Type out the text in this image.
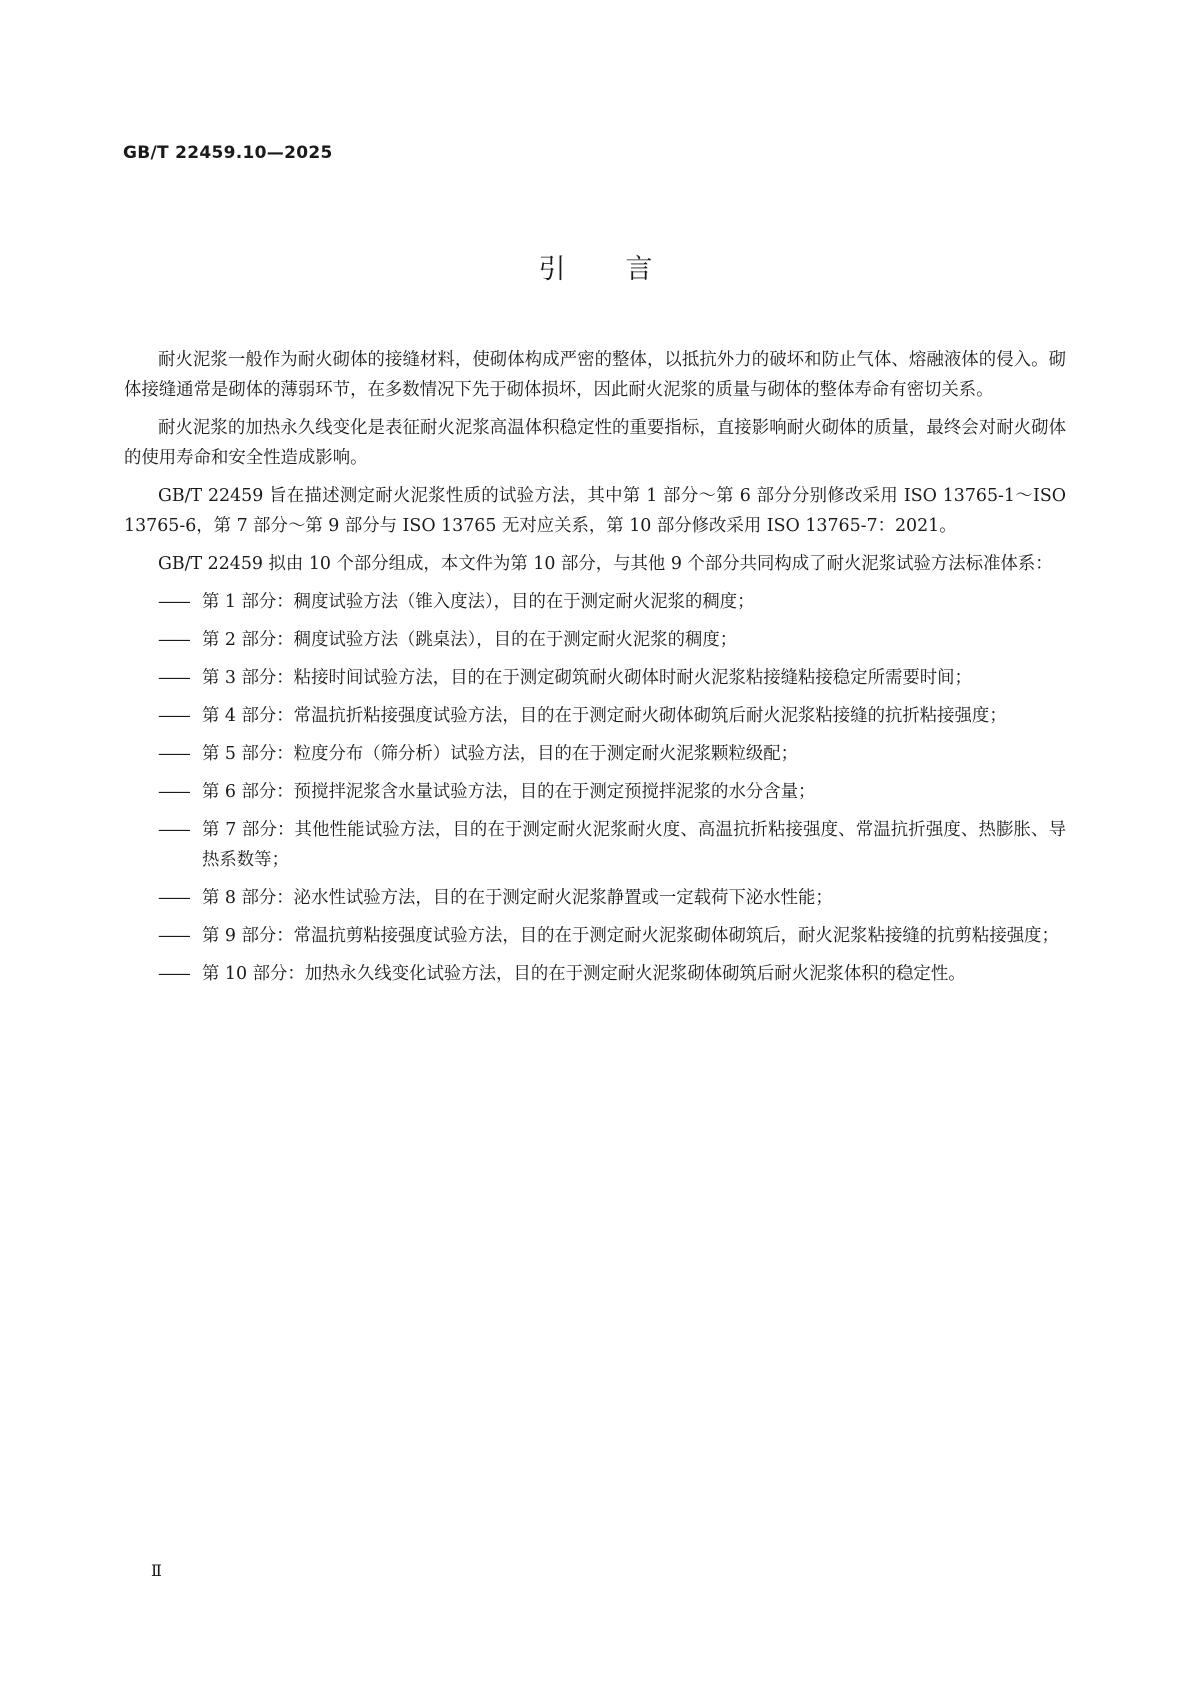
GB/T 22459.10—2025
引言

耐火泥浆一般作为耐火砌体的接缝材料，使砌体构成严密的整体，以抵抗外力的破坏和防止气体、熔融液体的侵入。砌体接缝通常是砌体的薄弱环节，在多数情况下先于砌体损坏，因此耐火泥浆的质量与砌体的整体寿命有密切关系。

耐火泥浆的加热永久线变化是表征耐火泥浆高温体积稳定性的重要指标，直接影响耐火砌体的质量，最终会对耐火砌体的使用寿命和安全性造成影响。

GB/T 22459 旨在描述测定耐火泥浆性质的试验方法，其中第 1 部分～第 6 部分分别修改采用 ISO 13765-1～ISO 13765-6，第 7 部分～第 9 部分与 ISO 13765 无对应关系，第 10 部分修改采用 ISO 13765-7：2021。

GB/T 22459 拟由 10 个部分组成，本文件为第 10 部分，与其他 9 个部分共同构成了耐火泥浆试验方法标准体系：

—— 第 1 部分：稠度试验方法（锥入度法），目的在于测定耐火泥浆的稠度；
—— 第 2 部分：稠度试验方法（跳桌法），目的在于测定耐火泥浆的稠度；
—— 第 3 部分：粘接时间试验方法，目的在于测定砌筑耐火砌体时耐火泥浆粘接缝粘接稳定所需要时间；
—— 第 4 部分：常温抗折粘接强度试验方法，目的在于测定耐火砌体砌筑后耐火泥浆粘接缝的抗折粘接强度；
—— 第 5 部分：粒度分布（筛分析）试验方法，目的在于测定耐火泥浆颗粒级配；
—— 第 6 部分：预搅拌泥浆含水量试验方法，目的在于测定预搅拌泥浆的水分含量；
—— 第 7 部分：其他性能试验方法，目的在于测定耐火泥浆耐火度、高温抗折粘接强度、常温抗折强度、热膨胀、导热系数等；
—— 第 8 部分：泌水性试验方法，目的在于测定耐火泥浆静置或一定载荷下泌水性能；
—— 第 9 部分：常温抗剪粘接强度试验方法，目的在于测定耐火泥浆砌体砌筑后，耐火泥浆粘接缝的抗剪粘接强度；
—— 第 10 部分：加热永久线变化试验方法，目的在于测定耐火泥浆砌体砌筑后耐火泥浆体积的稳定性。
Ⅱ
